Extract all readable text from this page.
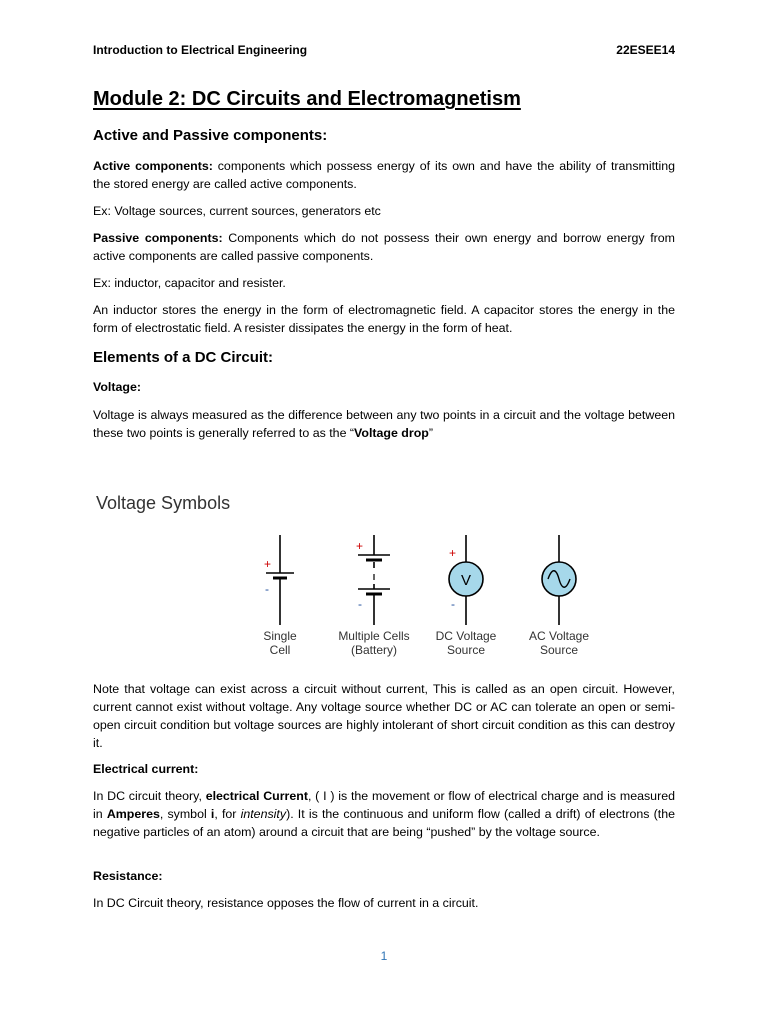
Introduction to Electrical Engineering	22ESEE14
Module 2: DC Circuits and Electromagnetism
Active and Passive components:
Active components: components which possess energy of its own and have the ability of transmitting the stored energy are called active components.
Ex: Voltage sources, current sources, generators etc
Passive components: Components which do not possess their own energy and borrow energy from active components are called passive components.
Ex: inductor, capacitor and resister.
An inductor stores the energy in the form of electromagnetic field. A capacitor stores the energy in the form of electrostatic field. A resister dissipates the energy in the form of heat.
Elements of a DC Circuit:
Voltage:
Voltage is always measured as the difference between any two points in a circuit and the voltage between these two points is generally referred to as the “Voltage drop”
Note that voltage can exist across a circuit without current, This is called as an open circuit. However, current cannot exist without voltage. Any voltage source whether DC or AC can tolerate an open or semi-open circuit condition but voltage sources are highly intolerant of short circuit condition as this can destroy it.
Electrical current:
In DC circuit theory, electrical Current, ( I ) is the movement or flow of electrical charge and is measured in Amperes, symbol i, for intensity). It is the continuous and uniform flow (called a drift) of electrons (the negative particles of an atom) around a circuit that are being “pushed” by the voltage source.
Resistance:
In DC Circuit theory, resistance opposes the flow of current in a circuit.
Voltage Symbols
+
-
Single
Cell
+
-
Multiple Cells
(Battery)
V
+
-
DC Voltage
Source
AC Voltage
Source
1
